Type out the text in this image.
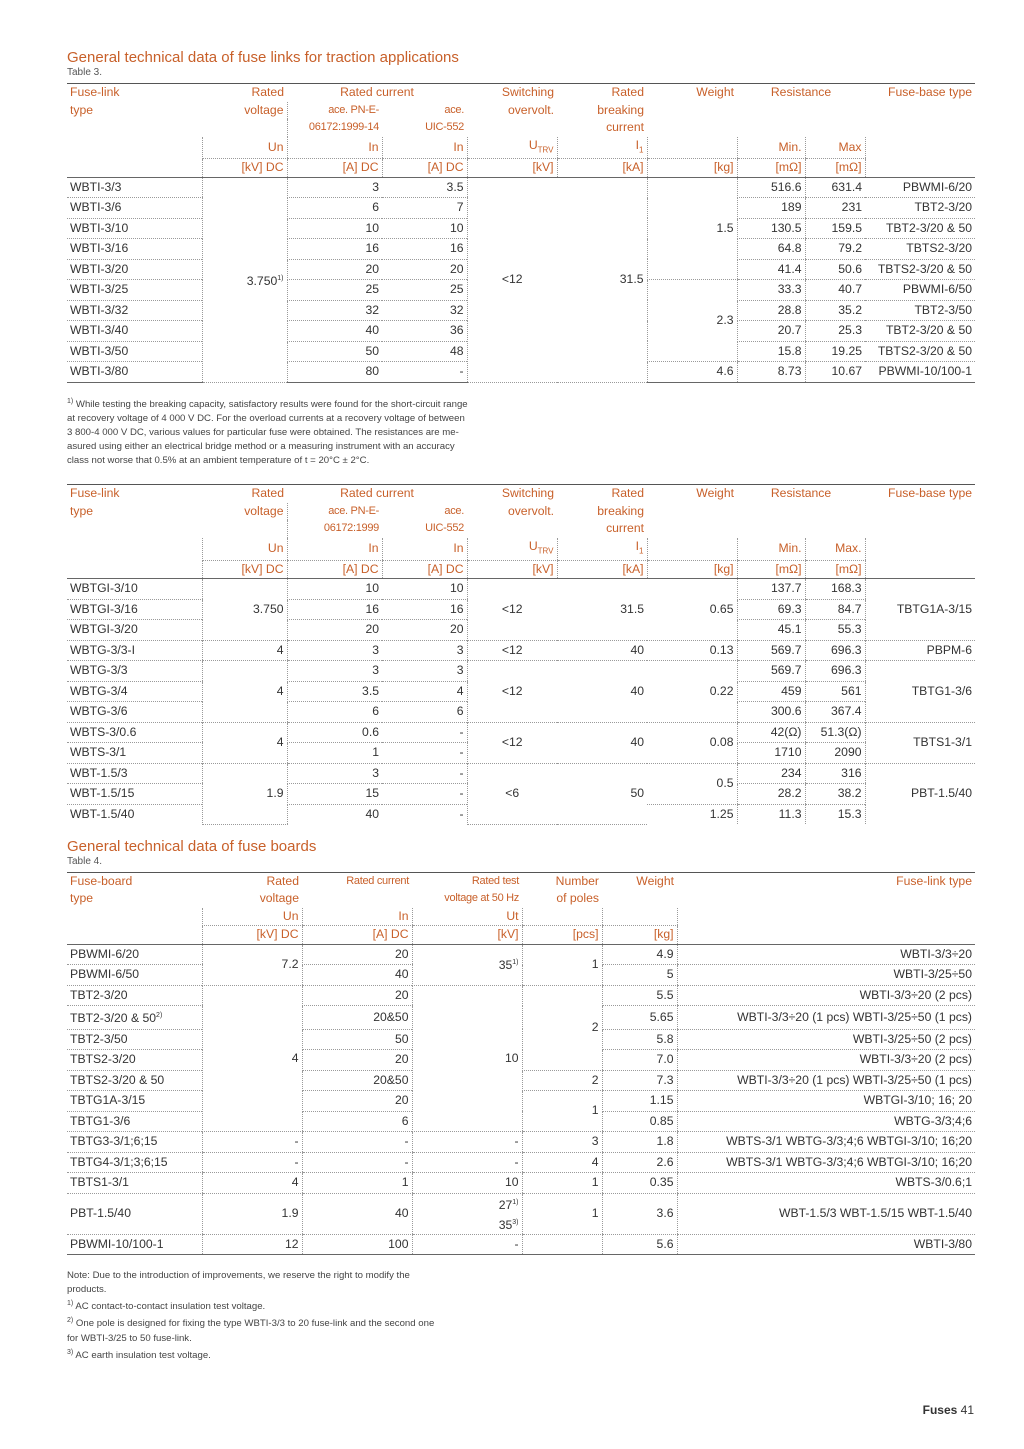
General technical data of fuse links for traction applications

Table 3.

Fuse-link	Rated	Rated current		Switching	Rated	Weight	Resistance		Fuse-base type
type	voltage	ace. PN-E-	ace.	overvolt.	breaking				
		06172:1999-14	UIC-552		current				
	Un	In	In	$U_{TRV}$	$I_1$		Min.	Max	
	[kV] DC	[A] DC	[A] DC	[kV]	[kA]	[kg]	[mΩ]	[mΩ]	
WBTI-3/3	3.750$^{1)}$	3	3.5	<12	31.5	1.5	516.6	631.4	PBWMI-6/20
WBTI-3/6		6	7				189	231	TBT2-3/20
WBTI-3/10		10	10				130.5	159.5	TBT2-3/20 & 50
WBTI-3/16		16	16				64.8	79.2	TBTS2-3/20
WBTI-3/20		20	20				41.4	50.6	TBTS2-3/20 & 50
WBTI-3/25		25	25			2.3	33.3	40.7	PBWMI-6/50
WBTI-3/32		32	32				28.8	35.2	TBT2-3/50
WBTI-3/40		40	36				20.7	25.3	TBT2-3/20 & 50
WBTI-3/50		50	48				15.8	19.25	TBTS2-3/20 & 50
WBTI-3/80		80	-			4.6	8.73	10.67	PBWMI-10/100-1

$^{1)}$ While testing the breaking capacity, satisfactory results were found for the short-circuit range
at recovery voltage of 4 000 V DC. For the overload currents at a recovery voltage of between
3 800-4 000 V DC, various values for particular fuse were obtained. The resistances are me-
asured using either an electrical bridge method or a measuring instrument with an accuracy
class not worse that 0.5% at an ambient temperature of t = 20°C ± 2°C.

Fuse-link	Rated	Rated current		Switching	Rated	Weight	Resistance		Fuse-base type
type	voltage	ace. PN-E-	ace.	overvolt.	breaking				
		06172:1999	UIC-552		current				
	Un	In	In	$U_{TRV}$	$I_1$		Min.	Max.	
	[kV] DC	[A] DC	[A] DC	[kV]	[kA]	[kg]	[mΩ]	[mΩ]	
WBTGI-3/10	3.750	10	10	<12	31.5	0.65	137.7	168.3	TBTG1A-3/15
WBTGI-3/16		16	16				69.3	84.7	
WBTGI-3/20		20	20				45.1	55.3	
WBTG-3/3-I	4	3	3	<12	40	0.13	569.7	696.3	PBPM-6
WBTG-3/3	4	3	3	<12	40	0.22	569.7	696.3	TBTG1-3/6
WBTG-3/4		3.5	4				459	561	
WBTG-3/6		6	6				300.6	367.4	
WBTS-3/0.6	4	0.6	-	<12	40	0.08	42(Ω)	51.3(Ω)	TBTS1-3/1
WBTS-3/1		1	-				1710	2090	
WBT-1.5/3	1.9	3	-	<6	50	0.5	234	316	PBT-1.5/40
WBT-1.5/15		15	-				28.2	38.2	
WBT-1.5/40		40	-			1.25	11.3	15.3	

General technical data of fuse boards

Table 4.

Fuse-board	Rated	Rated current	Rated test	Number	Weight	Fuse-link type
type	voltage		voltage at 50 Hz	of poles		
	Un	In	Ut			
	[kV] DC	[A] DC	[kV]	[pcs]	[kg]	
PBWMI-6/20	7.2	20	35$^{1)}$	1	4.9	WBTI-3/3÷20
PBWMI-6/50		40			5	WBTI-3/25÷50
TBT2-3/20	4	20	10	2	5.5	WBTI-3/3÷20 (2 pcs)
TBT2-3/20 & 50$^{2)}$		20&50			5.65	WBTI-3/3÷20 (1 pcs) WBTI-3/25÷50 (1 pcs)
TBT2-3/50		50			5.8	WBTI-3/25÷50 (2 pcs)
TBTS2-3/20		20			7.0	WBTI-3/3÷20 (2 pcs)
TBTS2-3/20 & 50		20&50		2	7.3	WBTI-3/3÷20 (1 pcs) WBTI-3/25÷50 (1 pcs)
TBTG1A-3/15		20		1	1.15	WBTGI-3/10; 16; 20
TBTG1-3/6		6			0.85	WBTG-3/3;4;6
TBTG3-3/1;6;15	-	-	-	3	1.8	WBTS-3/1 WBTG-3/3;4;6 WBTGI-3/10; 16;20
TBTG4-3/1;3;6;15	-	-	-	4	2.6	WBTS-3/1 WBTG-3/3;4;6 WBTGI-3/10; 16;20
TBTS1-3/1	4	1	10	1	0.35	WBTS-3/0.6;1
PBT-1.5/40	1.9	40	27$^{1)}$
35$^{3)}$	1	3.6	WBT-1.5/3 WBT-1.5/15 WBT-1.5/40
PBWMI-10/100-1	12	100	-		5.6	WBTI-3/80

Note: Due to the introduction of improvements, we reserve the right to modify the
products.
$^{1)}$ AC contact-to-contact insulation test voltage.
$^{2)}$ One pole is designed for fixing the type WBTI-3/3 to 20 fuse-link and the second one
for WBTI-3/25 to 50 fuse-link.
$^{3)}$ AC earth insulation test voltage.

Fuses 41
